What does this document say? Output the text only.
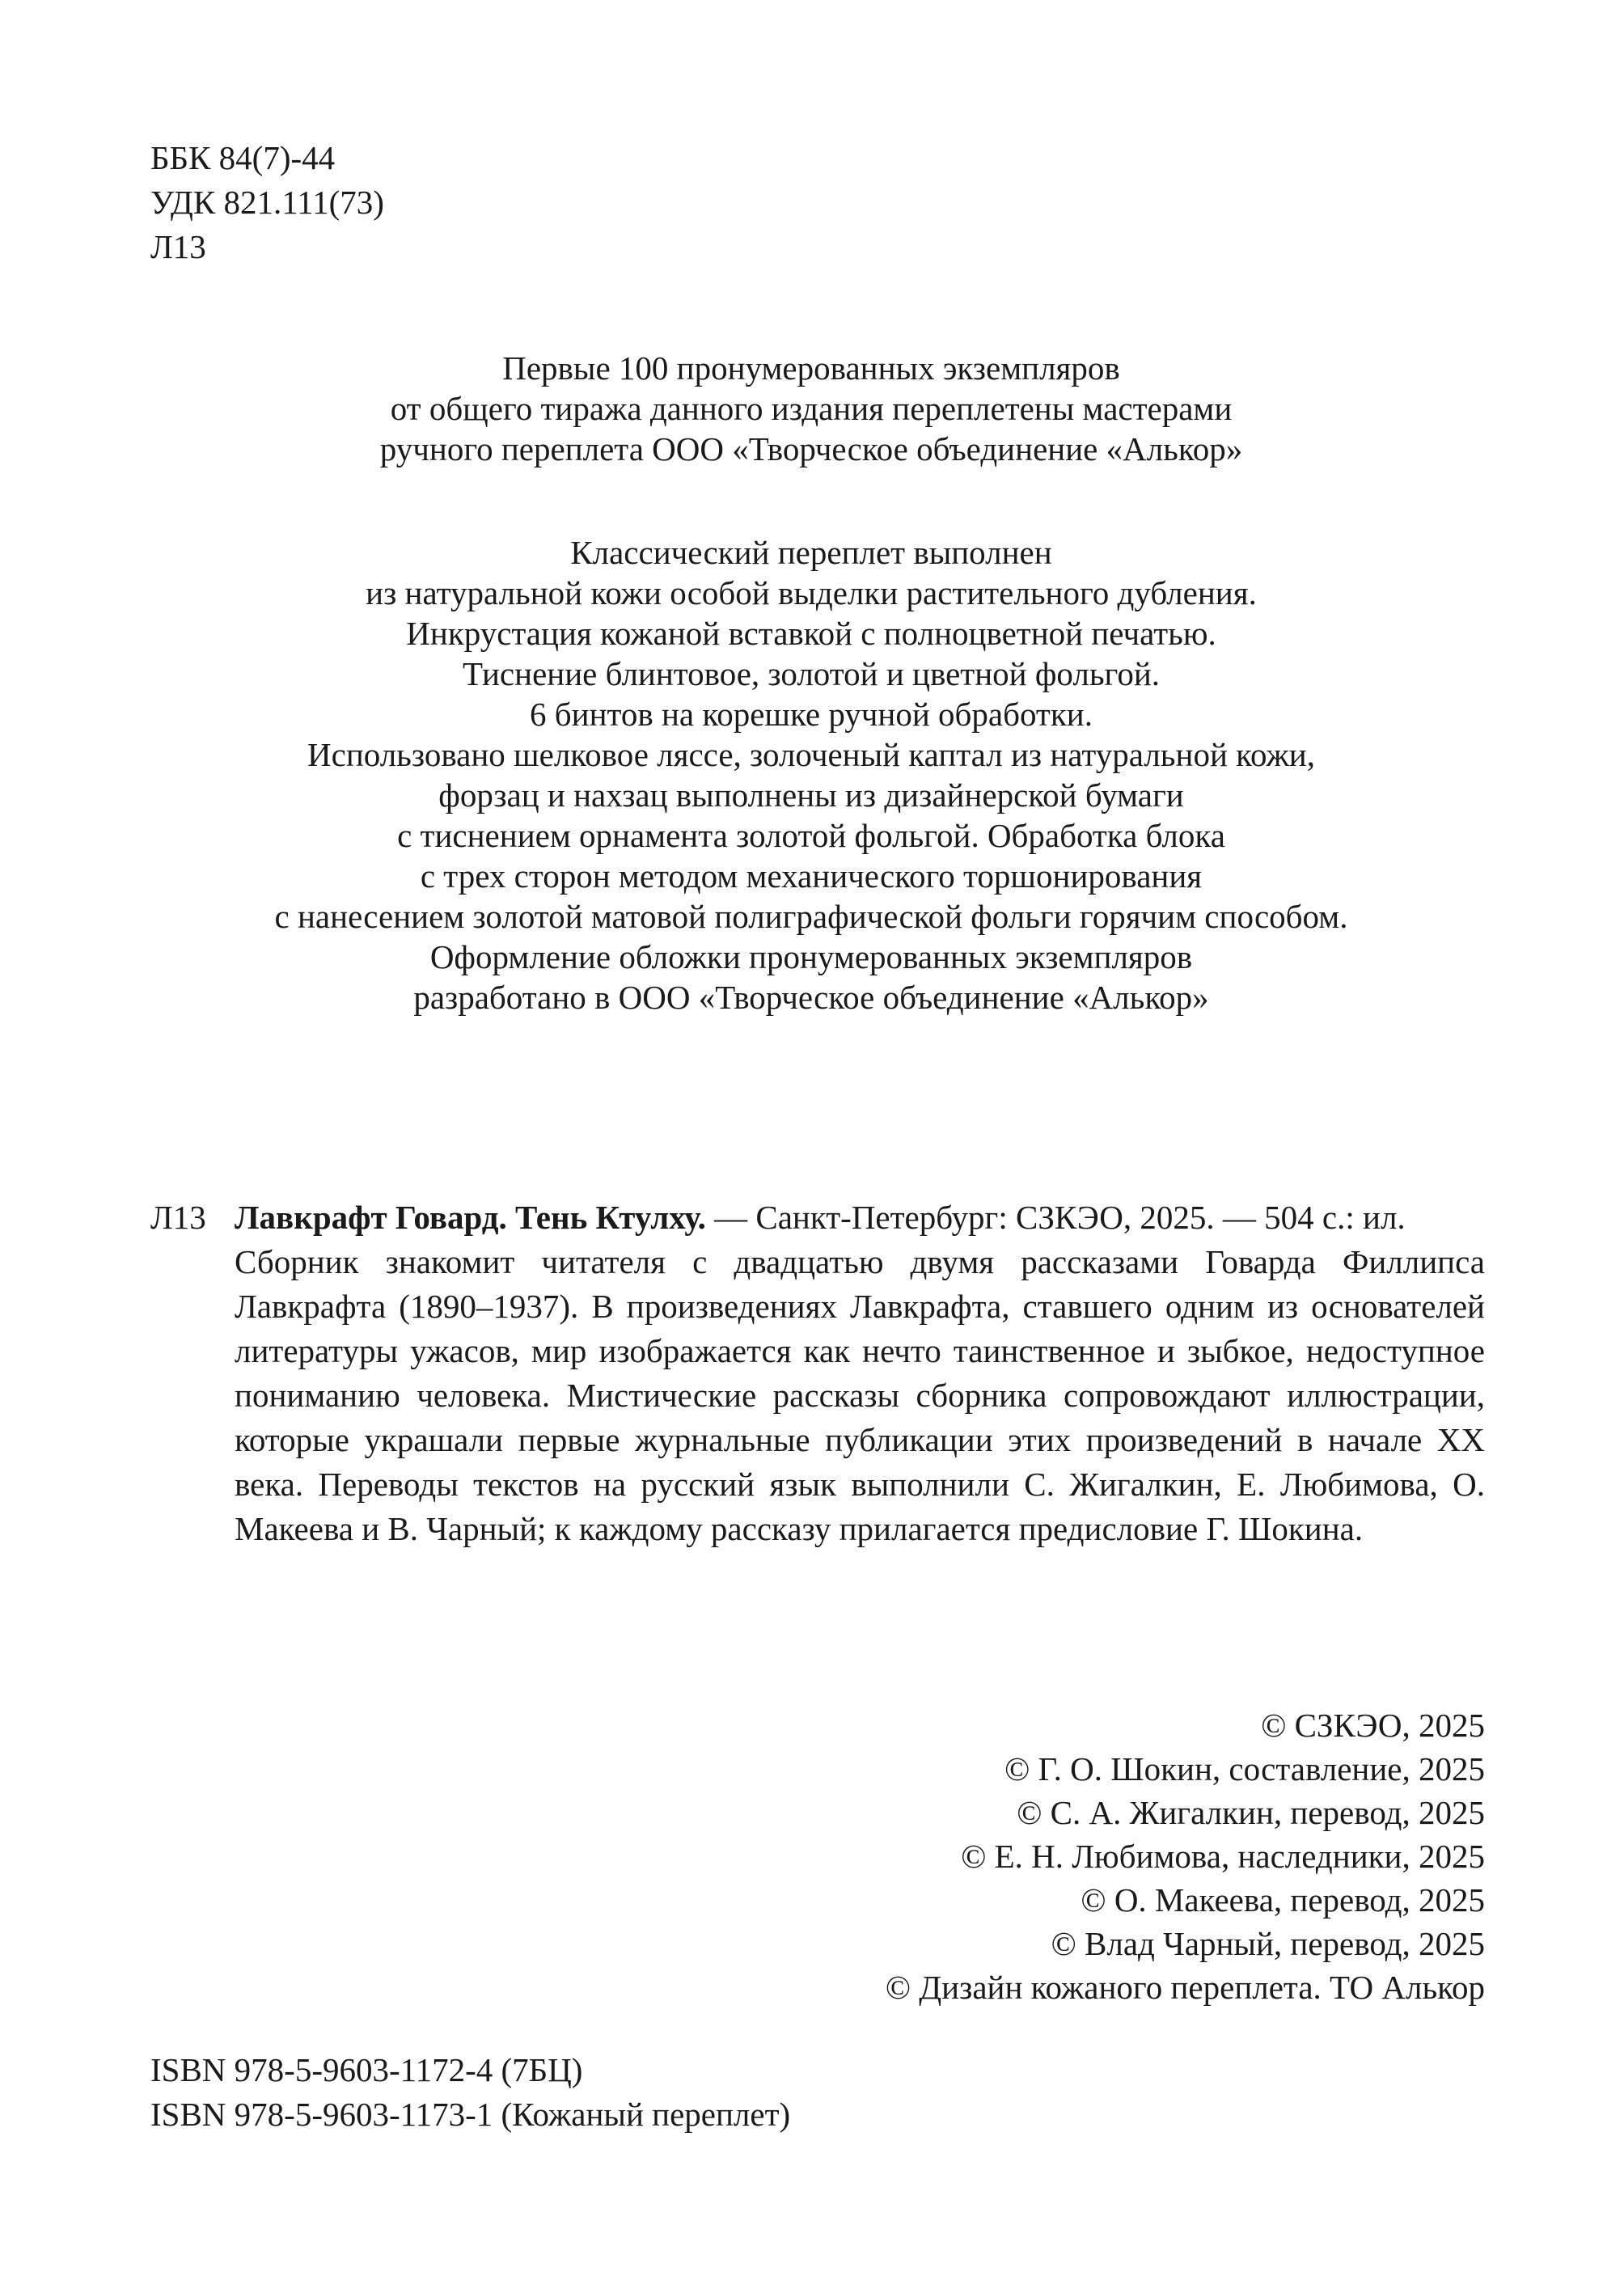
ББК 84(7)-44
УДК 821.111(73)
Л13
Первые 100 пронумерованных экземпляров
от общего тиража данного издания переплетены мастерами
ручного переплета ООО «Творческое объединение «Алькор»
Классический переплет выполнен
из натуральной кожи особой выделки растительного дубления.
Инкрустация кожаной вставкой с полноцветной печатью.
Тиснение блинтовое, золотой и цветной фольгой.
6 бинтов на корешке ручной обработки.
Использовано шелковое ляссе, золоченый каптал из натуральной кожи,
форзац и нахзац выполнены из дизайнерской бумаги
с тиснением орнамента золотой фольгой. Обработка блока
с трех сторон методом механического торшонирования
с нанесением золотой матовой полиграфической фольги горячим способом.
Оформление обложки пронумерованных экземпляров
разработано в ООО «Творческое объединение «Алькор»
Л13 Лавкрафт Говард. Тень Ктулху. — Санкт-Петербург: СЗКЭО, 2025. — 504 с.: ил.
Сборник знакомит читателя с двадцатью двумя рассказами Говарда Филлипса Лавкрафта (1890–1937). В произведениях Лавкрафта, ставшего одним из основателей литературы ужасов, мир изображается как нечто таинственное и зыбкое, недоступное пониманию человека. Мистические рассказы сборника сопровождают иллюстрации, которые украшали первые журнальные публикации этих произведений в начале XX века. Переводы текстов на русский язык выполнили С. Жигалкин, Е. Любимова, О. Макеева и В. Чарный; к каждому рассказу прилагается предисловие Г. Шокина.
© СЗКЭО, 2025
© Г. О. Шокин, составление, 2025
© С. А. Жигалкин, перевод, 2025
© Е. Н. Любимова, наследники, 2025
© О. Макеева, перевод, 2025
© Влад Чарный, перевод, 2025
© Дизайн кожаного переплета. ТО Алькор
ISBN 978-5-9603-1172-4 (7БЦ)
ISBN 978-5-9603-1173-1 (Кожаный переплет)
